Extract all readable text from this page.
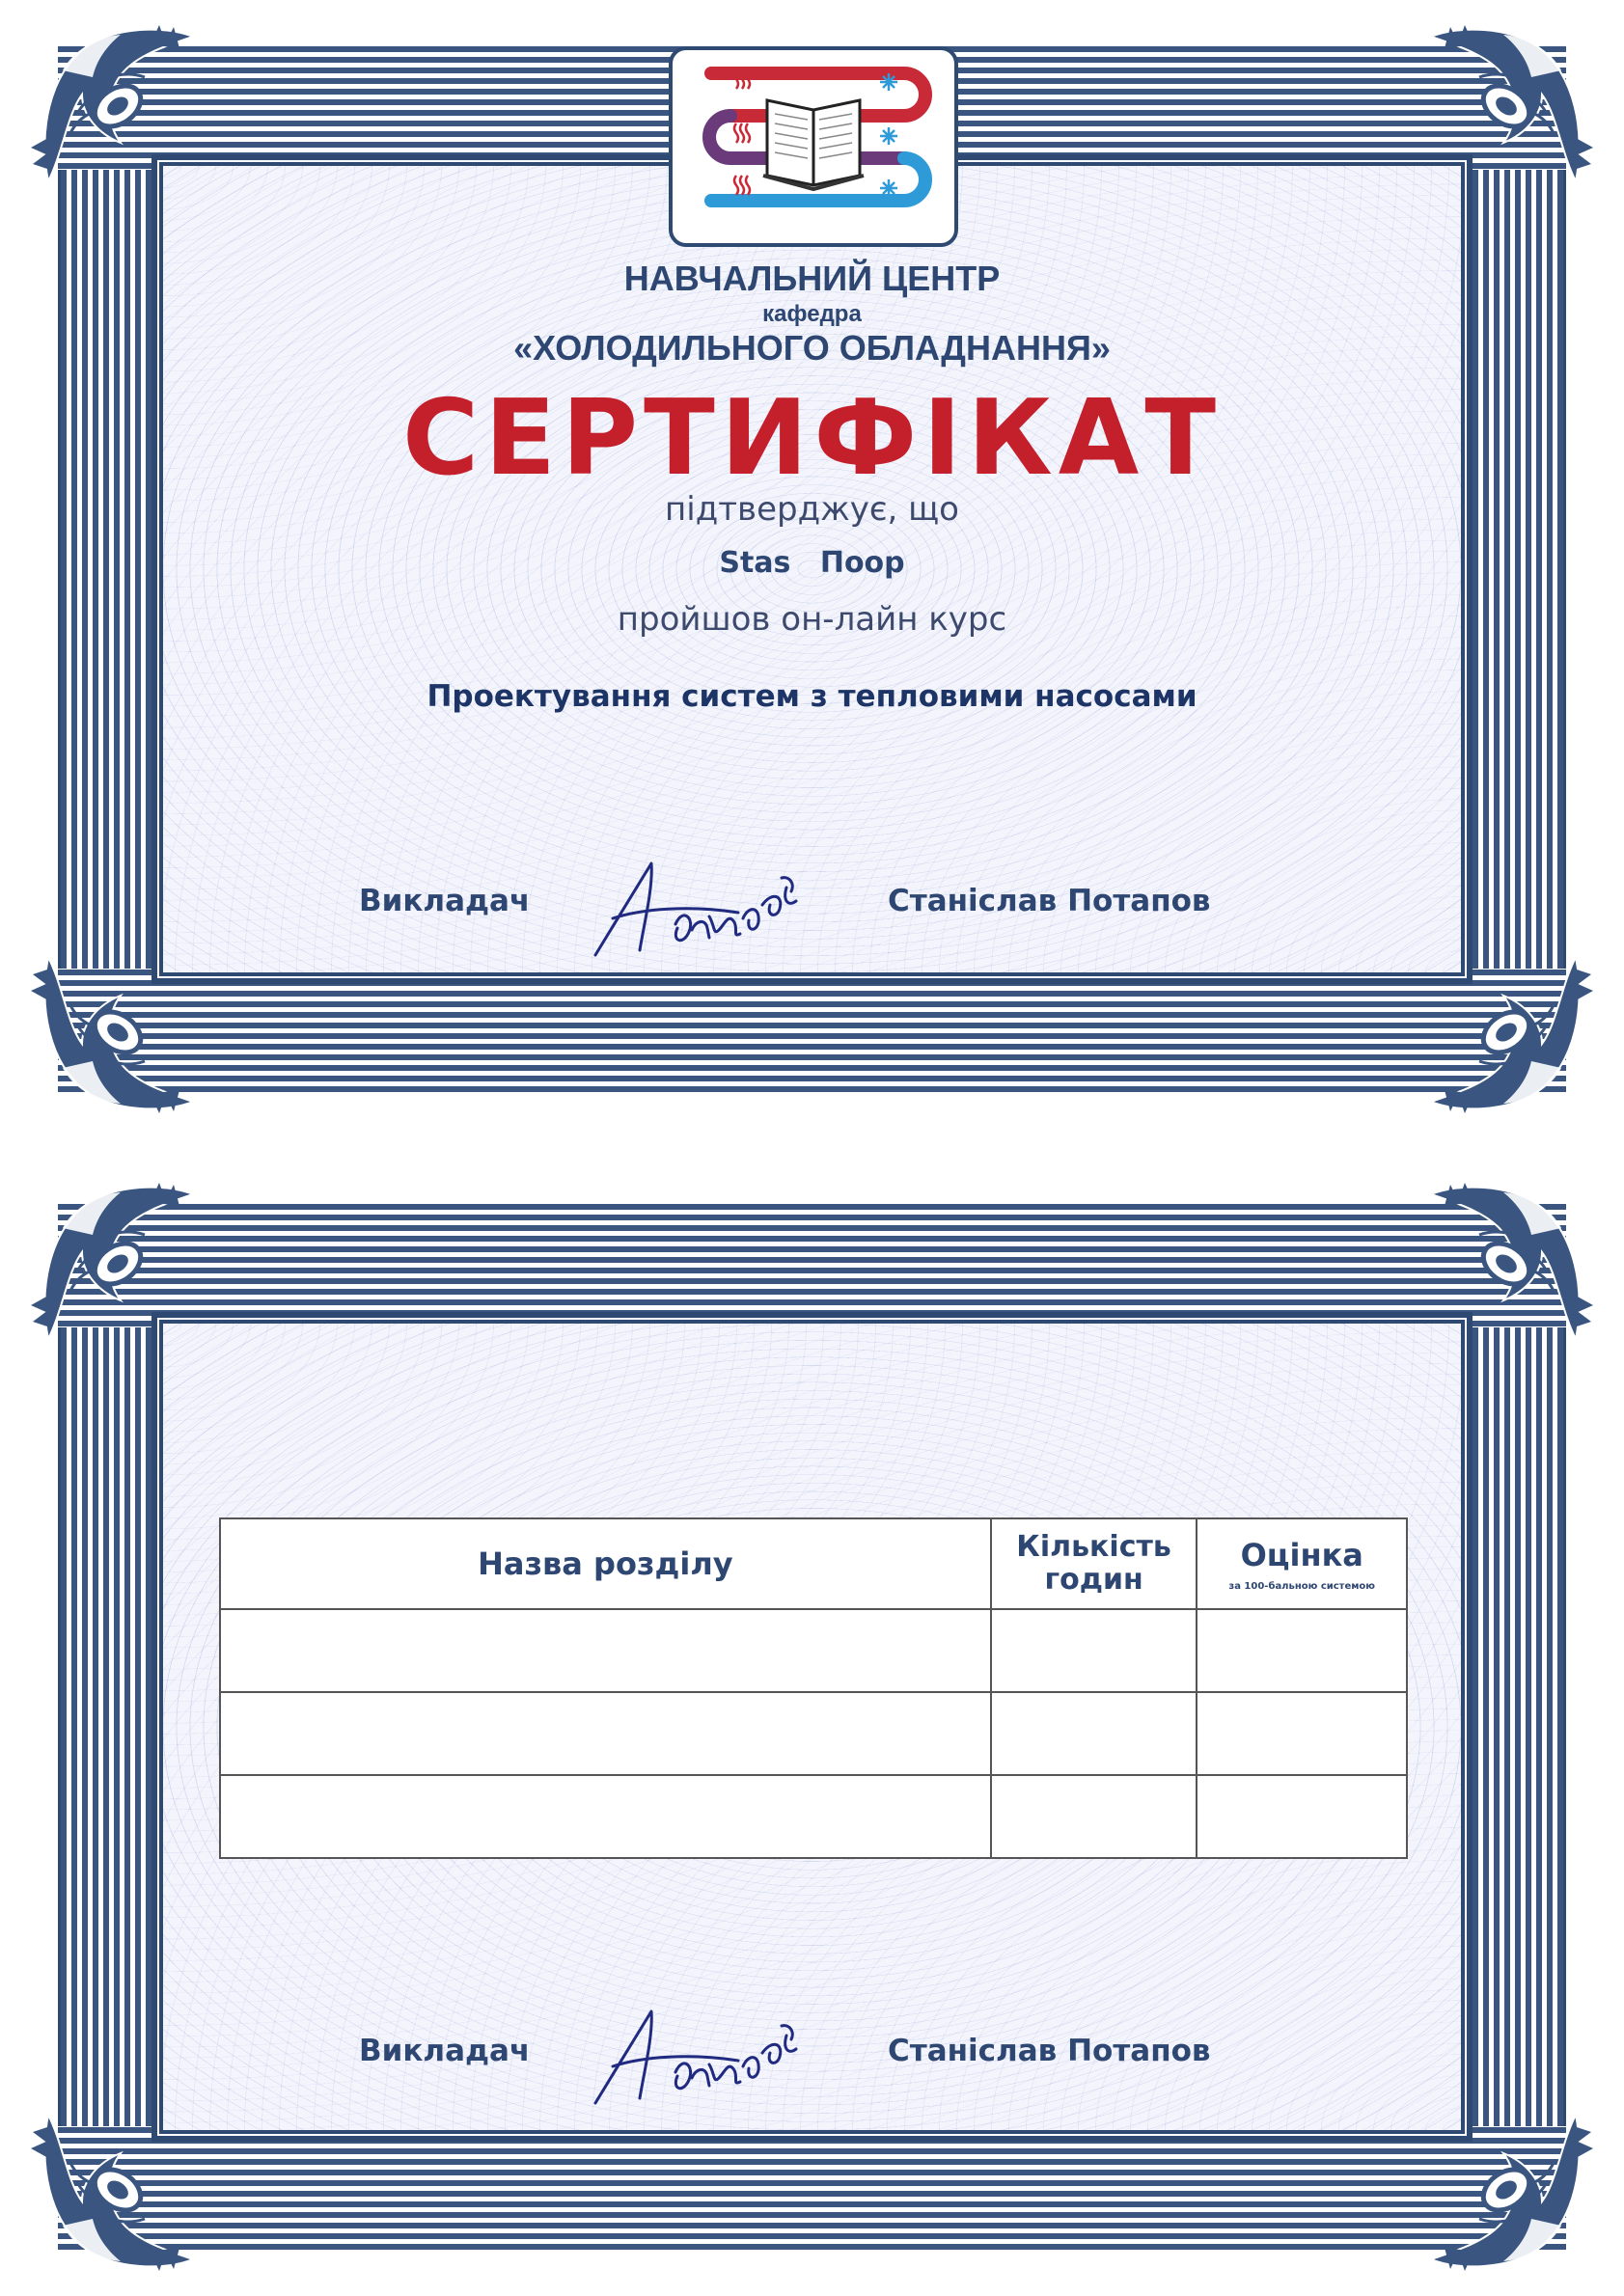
НАВЧАЛЬНИЙ ЦЕНТР
кафедра
«ХОЛОДИЛЬНОГО ОБЛАДНАННЯ»
СЕРТИФІКАТ
підтверджує, що
Stas Поор
пройшов он-лайн курс
Проектування систем з тепловими насосами
Викладач	Станіслав Потапов
Назва розділу	Кількість годин	Оцінка
за 100-бальною системою

Викладач	Станіслав Потапов
